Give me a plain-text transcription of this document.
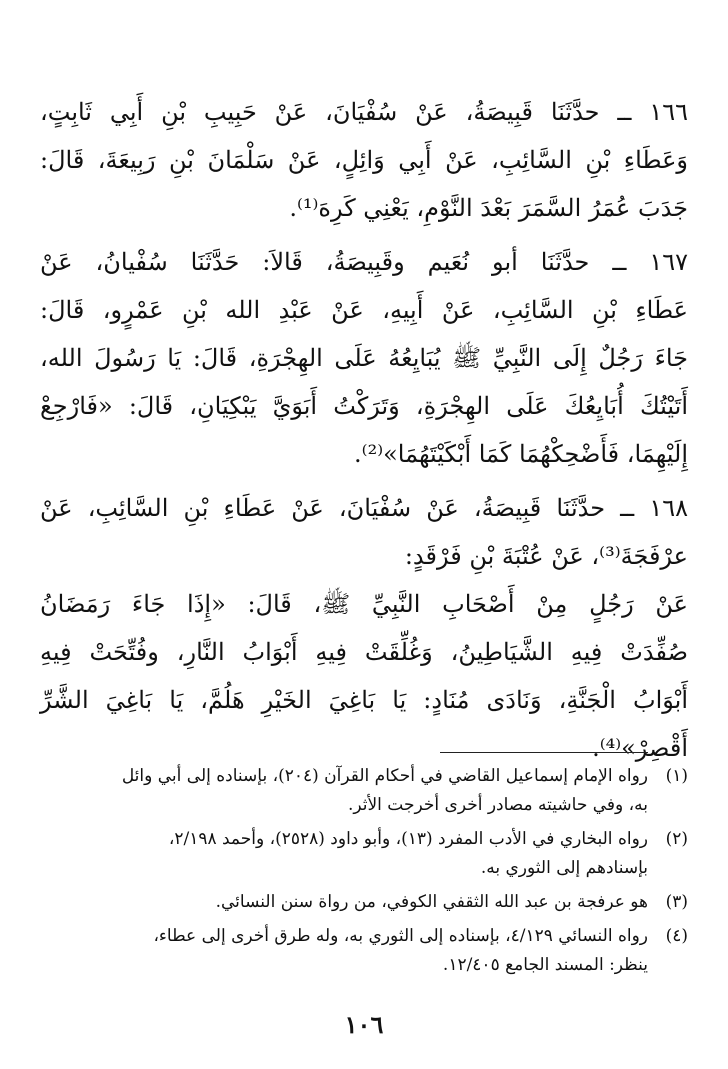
١٦٦ ــ حدَّثَنَا قَبِيصَةُ، عَنْ سُفْيَانَ، عَنْ حَبِيبِ بْنِ أَبِي ثَابِتٍ،
وَعَطَاءِ بْنِ السَّائِبِ، عَنْ أَبِي وَائِلٍ، عَنْ سَلْمَانَ بْنِ رَبِيعَةَ، قَالَ:
جَدَبَ عُمَرُ السَّمَرَ بَعْدَ النَّوْمِ، يَعْنِي كَرِهَ⁽¹⁾.
١٦٧ ــ حدَّثَنَا أبو نُعَيم وقَبِيصَةُ، قَالاَ: حَدَّثَنَا سُفْيانُ، عَنْ
عَطَاءِ بْنِ السَّائِبِ، عَنْ أَبِيهِ، عَنْ عَبْدِ الله بْنِ عَمْرٍو، قَالَ:
جَاءَ رَجُلٌ إِلَى النَّبِيِّ ﷺ يُبَايِعُهُ عَلَى الهِجْرَةِ، قَالَ: يَا رَسُولَ الله،
أَتَيْتُكَ أُبَايِعُكَ عَلَى الهِجْرَةِ، وَتَرَكْتُ أَبَوَيَّ يَبْكِيَانِ، قَالَ: «فَارْجِعْ
إِلَيْهِمَا، فَأَضْحِكْهُمَا كَمَا أَبْكَيْتَهُمَا»⁽²⁾.
١٦٨ ــ حدَّثَنَا قَبِيصَةُ، عَنْ سُفْيَانَ، عَنْ عَطَاءِ بْنِ السَّائِبِ، عَنْ
عرْفَجَةَ⁽³⁾، عَنْ عُتْبَةَ بْنِ فَرْقَدٍ:
عَنْ رَجُلٍ مِنْ أَصْحَابِ النَّبِيِّ ﷺ، قَالَ: «إِذَا جَاءَ رَمَضَانُ
صُفِّدَتْ فِيهِ الشَّيَاطِينُ، وَغُلِّقَتْ فِيهِ أَبْوَابُ النَّارِ، وفُتِّحَتْ فِيهِ
أَبْوَابُ الْجَنَّةِ، وَنَادَى مُنَادٍ: يَا بَاغِيَ الخَيْرِ هَلُمَّ، يَا بَاغِيَ الشَّرِّ
أَقْصِرْ»⁽⁴⁾.
(١)
رواه الإمام إسماعيل القاضي في أحكام القرآن (٢٠٤)، بإسناده إلى أبي وائل
به، وفي حاشيته مصادر أخرى أخرجت الأثر.
(٢)
رواه البخاري في الأدب المفرد (١٣)، وأبو داود (٢٥٢٨)، وأحمد ٢/١٩٨،
بإسنادهم إلى الثوري به.
(٣)
هو عرفجة بن عبد الله الثقفي الكوفي، من رواة سنن النسائي.
(٤)
رواه النسائي ٤/١٢٩، بإسناده إلى الثوري به، وله طرق أخرى إلى عطاء،
ينظر: المسند الجامع ١٢/٤٠٥.
١٠٦
